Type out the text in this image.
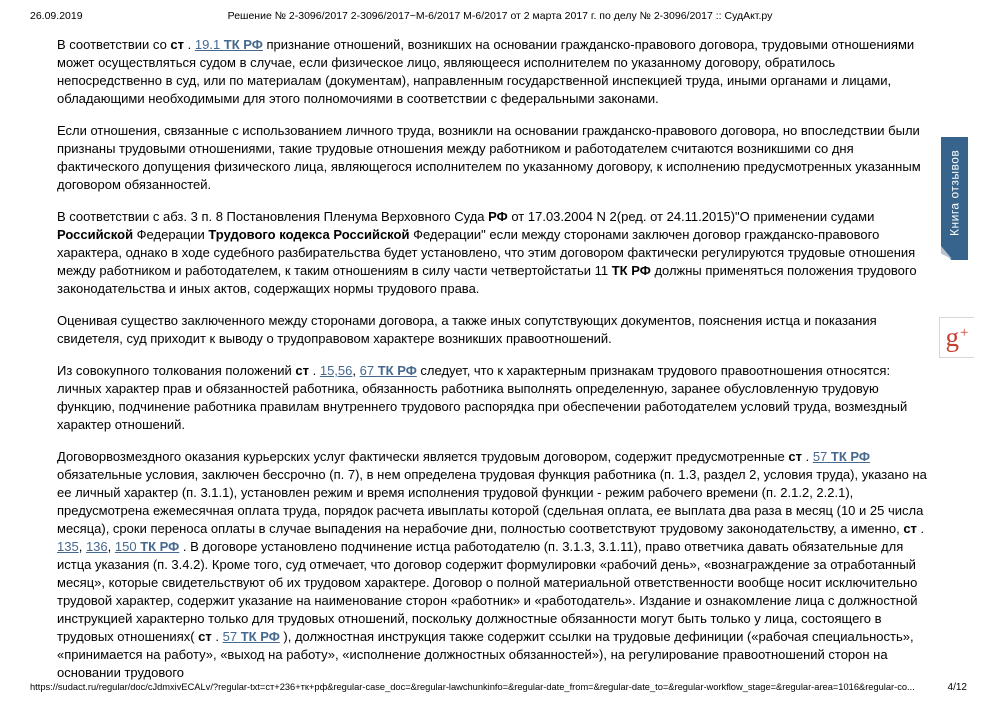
26.09.2019	Решение № 2-3096/2017 2-3096/2017~М-6/2017 М-6/2017 от 2 марта 2017 г. по делу № 2-3096/2017 :: СудАкт.ру

В соответствии со ст . 19.1 ТК РФ признание отношений, возникших на основании гражданско-правового договора, трудовыми отношениями может осуществляться судом в случае, если физическое лицо, являющееся исполнителем по указанному договору, обратилось непосредственно в суд, или по материалам (документам), направленным государственной инспекцией труда, иными органами и лицами, обладающими необходимыми для этого полномочиями в соответствии с федеральными законами.

Если отношения, связанные с использованием личного труда, возникли на основании гражданско-правового договора, но впоследствии были признаны трудовыми отношениями, такие трудовые отношения между работником и работодателем считаются возникшими со дня фактического допущения физического лица, являющегося исполнителем по указанному договору, к исполнению предусмотренных указанным договором обязанностей.

В соответствии с абз. 3 п. 8 Постановления Пленума Верховного Суда РФ от 17.03.2004 N 2(ред. от 24.11.2015)"О применении судами Российской Федерации Трудового кодекса Российской Федерации" если между сторонами заключен договор гражданско-правового характера, однако в ходе судебного разбирательства будет установлено, что этим договором фактически регулируются трудовые отношения между работником и работодателем, к таким отношениям в силу части четвертойстатьи 11 ТК РФ должны применяться положения трудового законодательства и иных актов, содержащих нормы трудового права.

Оценивая существо заключенного между сторонами договора, а также иных сопутствующих документов, пояснения истца и показания свидетеля, суд приходит к выводу о трудоправовом характере возникших правоотношений.

Из совокупного толкования положений ст . 15,56, 67 ТК РФ следует, что к характерным признакам трудового правоотношения относятся: личных характер прав и обязанностей работника, обязанность работника выполнять определенную, заранее обусловленную трудовую функцию, подчинение работника правилам внутреннего трудового распорядка при обеспечении работодателем условий труда, возмездный характер отношений.

Договорвозмездного оказания курьерских услуг фактически является трудовым договором, содержит предусмотренные ст . 57 ТК РФ обязательные условия, заключен бессрочно (п. 7), в нем определена трудовая функция работника (п. 1.3, раздел 2, условия труда), указано на ее личный характер (п. 3.1.1), установлен режим и время исполнения трудовой функции - режим рабочего времени (п. 2.1.2, 2.2.1), предусмотрена ежемесячная оплата труда, порядок расчета ивыплаты которой (сдельная оплата, ее выплата два раза в месяц (10 и 25 числа месяца), сроки переноса оплаты в случае выпадения на нерабочие дни, полностью соответствуют трудовому законодательству, а именно, ст . 135, 136, 150 ТК РФ . В договоре установлено подчинение истца работодателю (п. 3.1.3, 3.1.11), право ответчика давать обязательные для истца указания (п. 3.4.2). Кроме того, суд отмечает, что договор содержит формулировки «рабочий день», «вознаграждение за отработанный месяц», которые свидетельствуют об их трудовом характере. Договор о полной материальной ответственности вообще носит исключительно трудовой характер, содержит указание на наименование сторон «работник» и «работодатель». Издание и ознакомление лица с должностной инструкцией характерно только для трудовых отношений, поскольку должностные обязанности могут быть только у лица, состоящего в трудовых отношениях( ст . 57 ТК РФ ), должностная инструкция также содержит ссылки на трудовые дефиниции («рабочая специальность», «принимается на работу», «выход на работу», «исполнение должностных обязанностей»), на регулирование правоотношений сторон на основании трудового

Книга отзывов
g+
https://sudact.ru/regular/doc/cJdmxivECALv/?regular-txt=ст+236+тк+рф&regular-case_doc=&regular-lawchunkinfo=&regular-date_from=&regular-date_to=&regular-workflow_stage=&regular-area=1016&regular-co...	4/12
